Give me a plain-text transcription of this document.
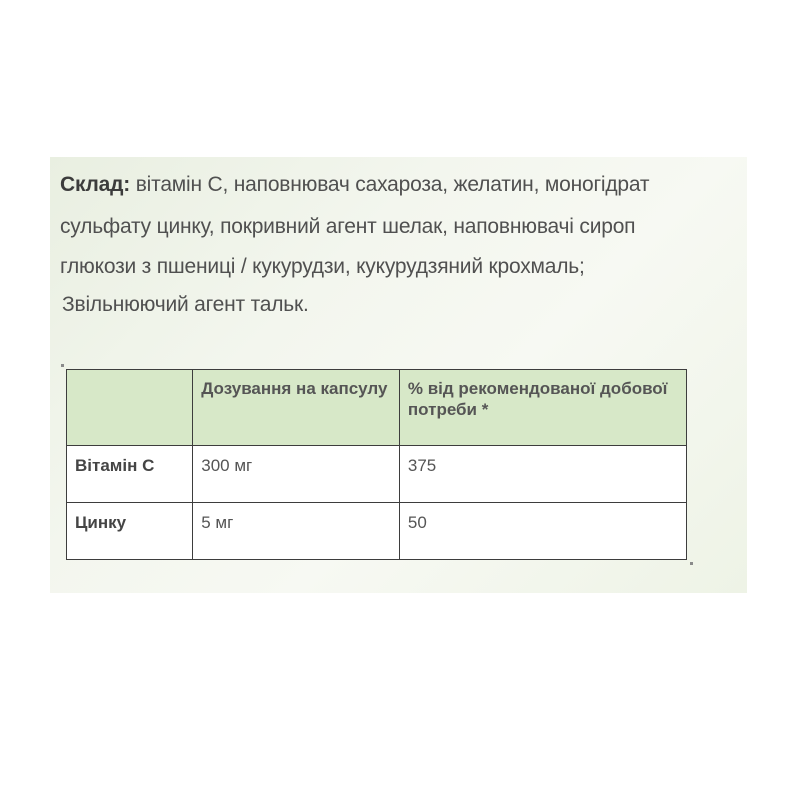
Склад: вітамін С, наповнювач сахароза, желатин, моногідрат
сульфату цинку, покривний агент шелак, наповнювачі сироп
глюкози з пшениці / кукурудзи, кукурудзяний крохмаль;
Звільнюючий агент тальк.
	Дозування на капсулу	% від рекомендованої добової потреби *
Вітамін С	300 мг	375
Цинку	5 мг	50
